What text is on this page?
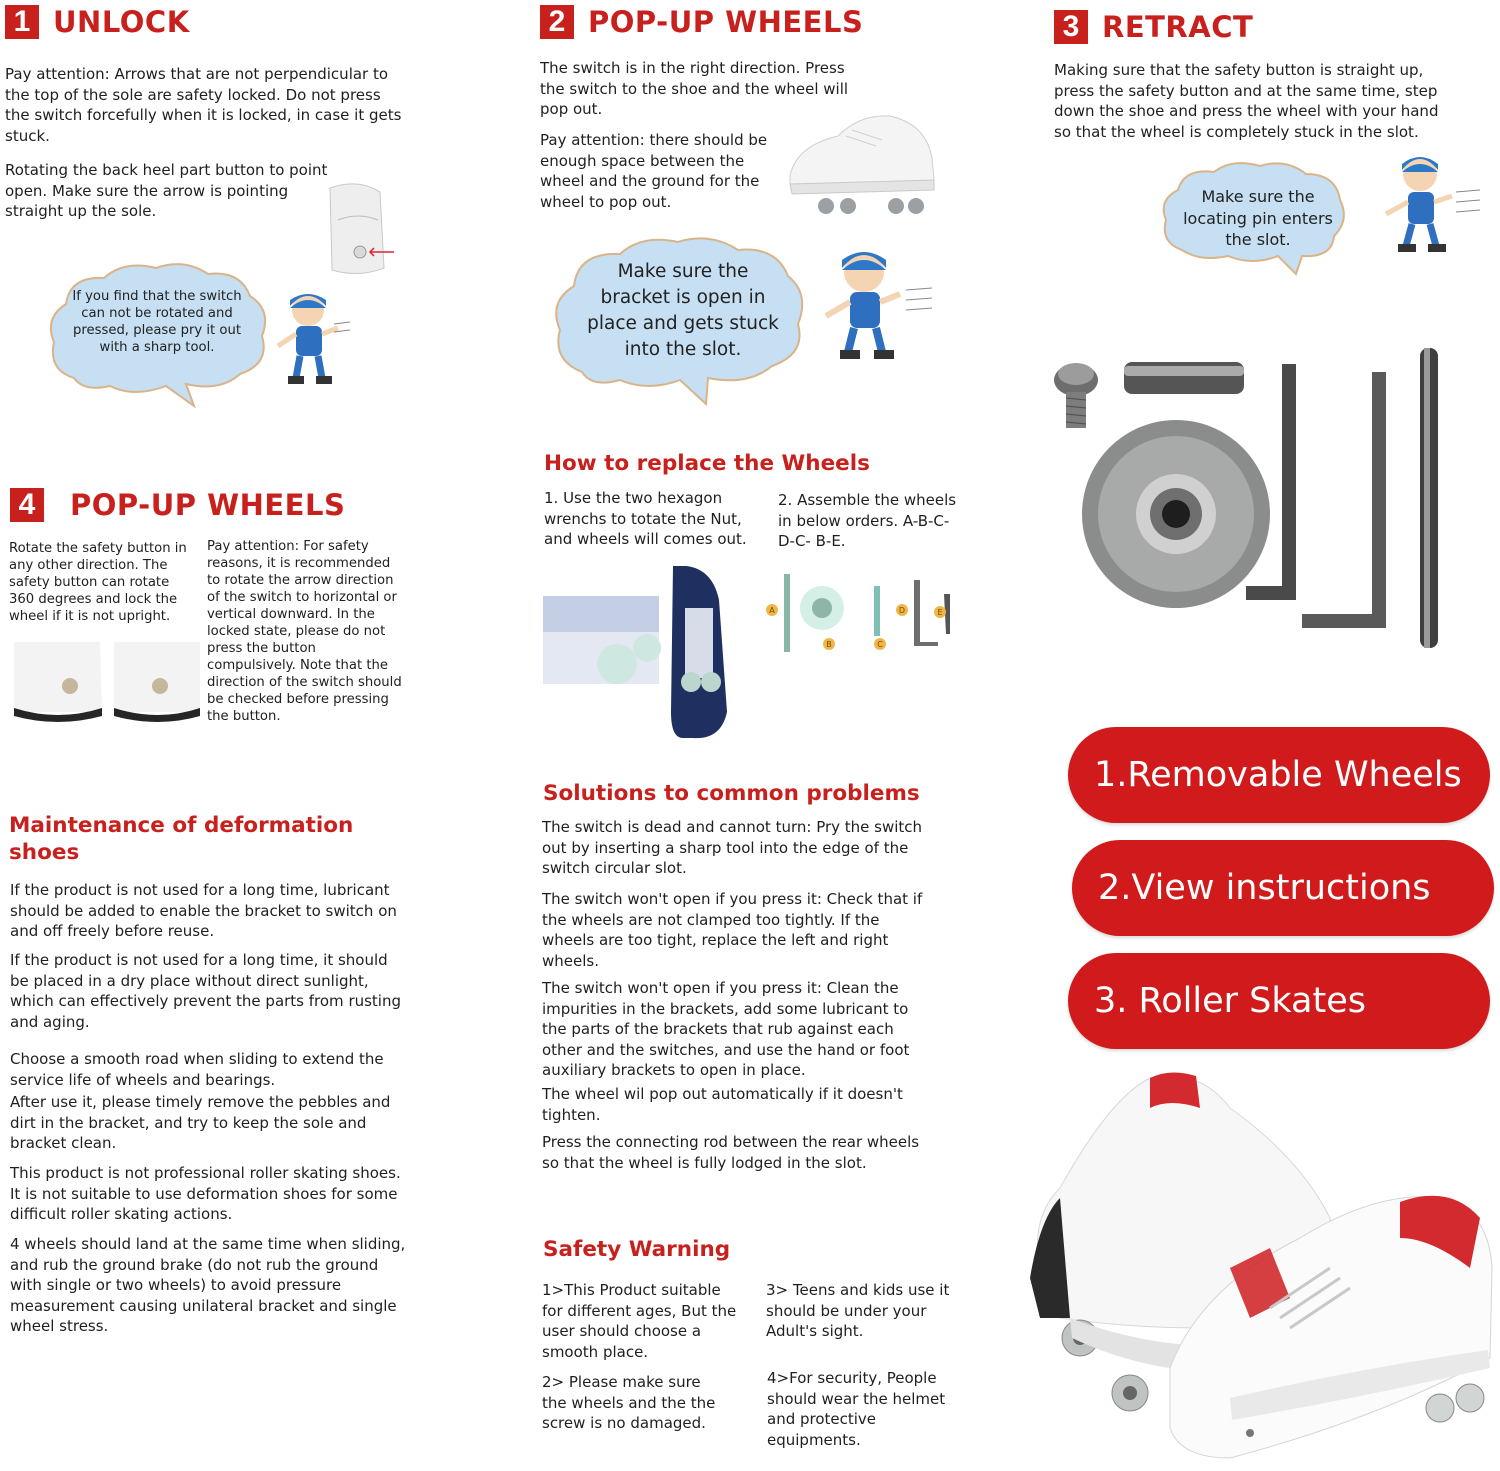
1 UNLOCK
Pay attention: Arrows that are not perpendicular to the top of the sole are safety locked. Do not press the switch forcefully when it is locked, in case it gets stuck.
Rotating the back heel part button to point open. Make sure the arrow is pointing straight up the sole.
If you find that the switch can not be rotated and pressed, please pry it out with a sharp tool.
2 POP-UP WHEELS
The switch is in the right direction. Press the switch to the shoe and the wheel will pop out.
Pay attention: there should be enough space between the wheel and the ground for the wheel to pop out.
Make sure the bracket is open in place and gets stuck into the slot.
3 RETRACT
Making sure that the safety button is straight up, press the safety button and at the same time, step down the shoe and press the wheel with your hand so that the wheel is completely stuck in the slot.
Make sure the locating pin enters the slot.
4 POP-UP WHEELS
Rotate the safety button in any other direction. The safety button can rotate 360 degrees and lock the wheel if it is not upright.
Pay attention: For safety reasons, it is recommended to rotate the arrow direction of the switch to horizontal or vertical downward. In the locked state, please do not press the button compulsively. Note that the direction of the switch should be checked before pressing the button.
How to replace the Wheels
1. Use the two hexagon wrenchs to totate the Nut, and wheels will comes out.
2. Assemble the wheels in below orders. A-B-C-D-C- B-E.
A
B	C
D	E
Maintenance of deformation shoes
If the product is not used for a long time, lubricant should be added to enable the bracket to switch on and off freely before reuse.
If the product is not used for a long time, it should be placed in a dry place without direct sunlight, which can effectively prevent the parts from rusting and aging.
Choose a smooth road when sliding to extend the service life of wheels and bearings.
After use it, please timely remove the pebbles and dirt in the bracket, and try to keep the sole and bracket clean.
This product is not professional roller skating shoes. It is not suitable to use deformation shoes for some difficult roller skating actions.
4 wheels should land at the same time when sliding, and rub the ground brake (do not rub the ground with single or two wheels) to avoid pressure measurement causing unilateral bracket and single wheel stress.
Solutions to common problems
The switch is dead and cannot turn: Pry the switch out by inserting a sharp tool into the edge of the switch circular slot.
The switch won't open if you press it: Check that if the wheels are not clamped too tightly. If the wheels are too tight, replace the left and right wheels.
The switch won't open if you press it: Clean the impurities in the brackets, add some lubricant to the parts of the brackets that rub against each other and the switches, and use the hand or foot auxiliary brackets to open in place.
The wheel wil pop out automatically if it doesn't tighten.
Press the connecting rod between the rear wheels so that the wheel is fully lodged in the slot.
Safety Warning
1>This Product suitable for different ages, But the user should choose a smooth place.
2> Please make sure the wheels and the the screw is no damaged.
3> Teens and kids use it should be under your Adult's sight.
4>For security, People should wear the helmet and protective equipments.
1.Removable Wheels
2.View instructions
3. Roller Skates
